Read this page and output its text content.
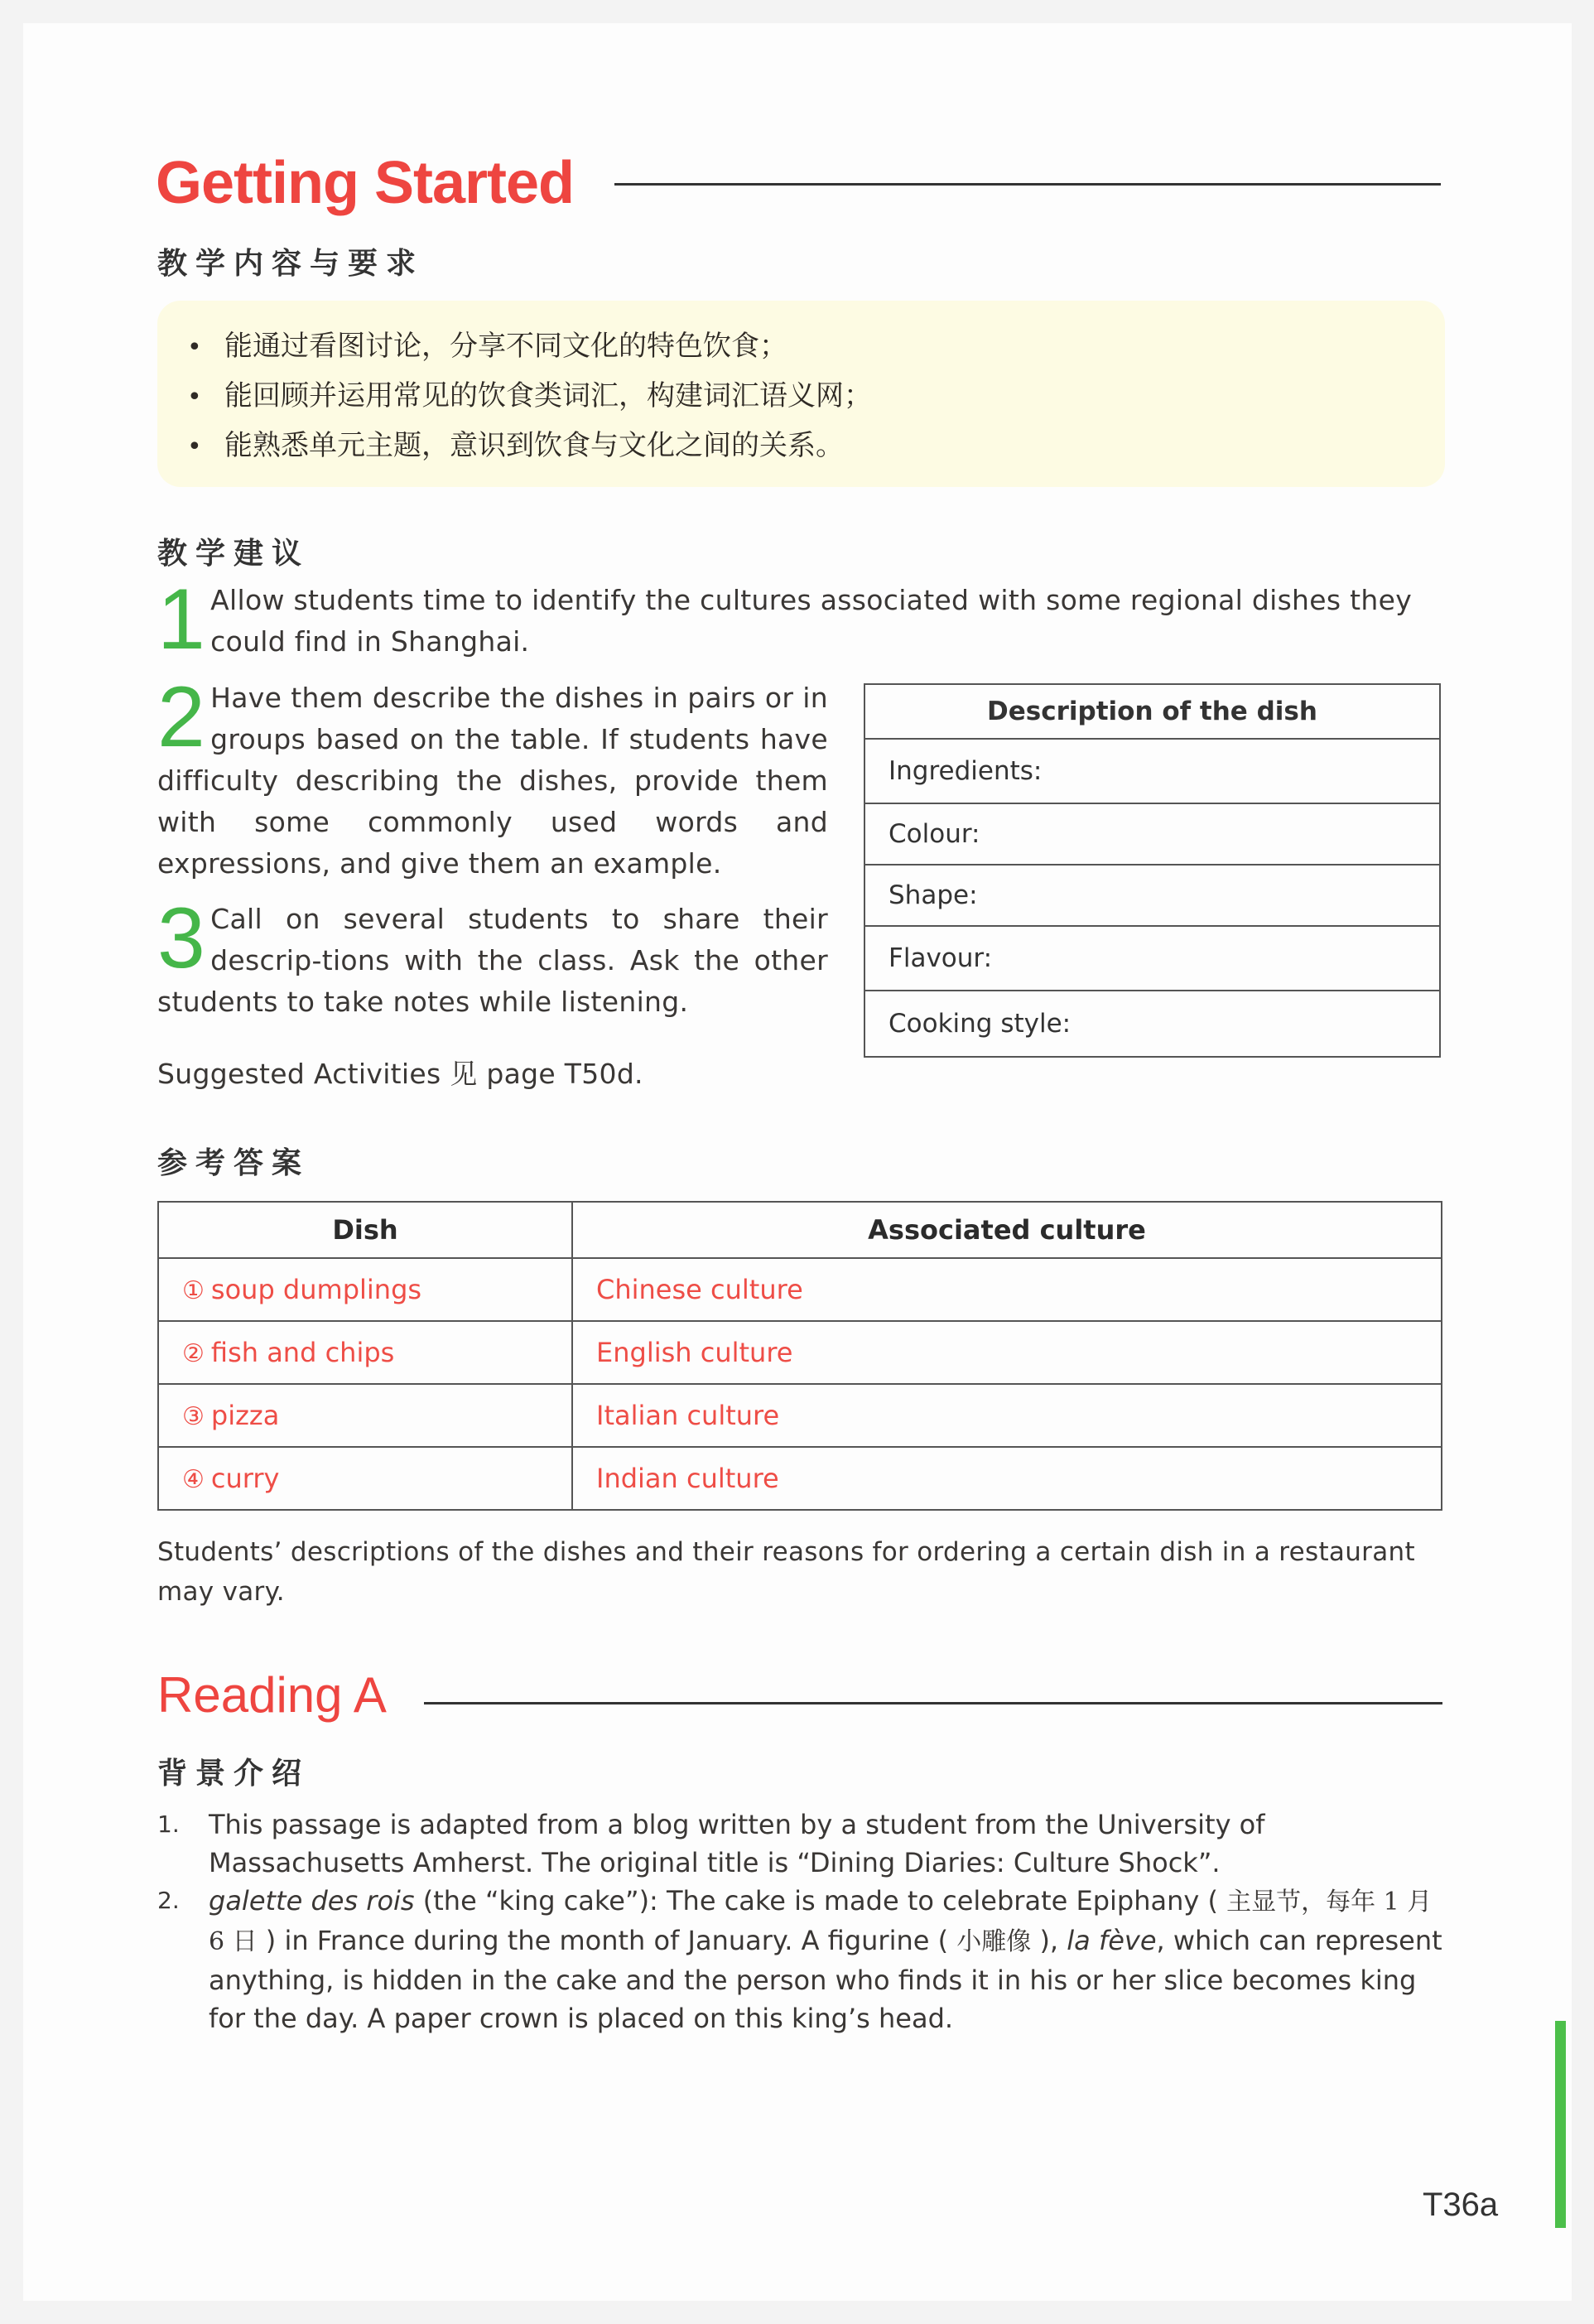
Getting Started
教学内容与要求
• 能通过看图讨论，分享不同文化的特色饮食；
• 能回顾并运用常见的饮食类词汇，构建词汇语义网；
• 能熟悉单元主题，意识到饮食与文化之间的关系。
教学建议
1 Allow students time to identify the cultures associated with some regional dishes they could find in Shanghai.
2 Have them describe the dishes in pairs or in groups based on the table. If students have difficulty describing the dishes, provide them with some commonly used words and expressions, and give them an example.
3 Call on several students to share their descrip-tions with the class. Ask the other students to take notes while listening.
Suggested Activities 见 page T50d.
Description of the dish
Ingredients:
Colour:
Shape:
Flavour:
Cooking style:
参考答案
Dish	Associated culture
① soup dumplings	Chinese culture
② fish and chips	English culture
③ pizza	Italian culture
④ curry	Indian culture
Students’ descriptions of the dishes and their reasons for ordering a certain dish in a restaurant may vary.
Reading A
背景介绍
1. This passage is adapted from a blog written by a student from the University of Massachusetts Amherst. The original title is “Dining Diaries: Culture Shock”.
2. galette des rois (the “king cake”): The cake is made to celebrate Epiphany ( 主显节，每年 1 月 6 日 ) in France during the month of January. A figurine ( 小雕像 ), la fève, which can represent anything, is hidden in the cake and the person who finds it in his or her slice becomes king for the day. A paper crown is placed on this king’s head.
T36a
